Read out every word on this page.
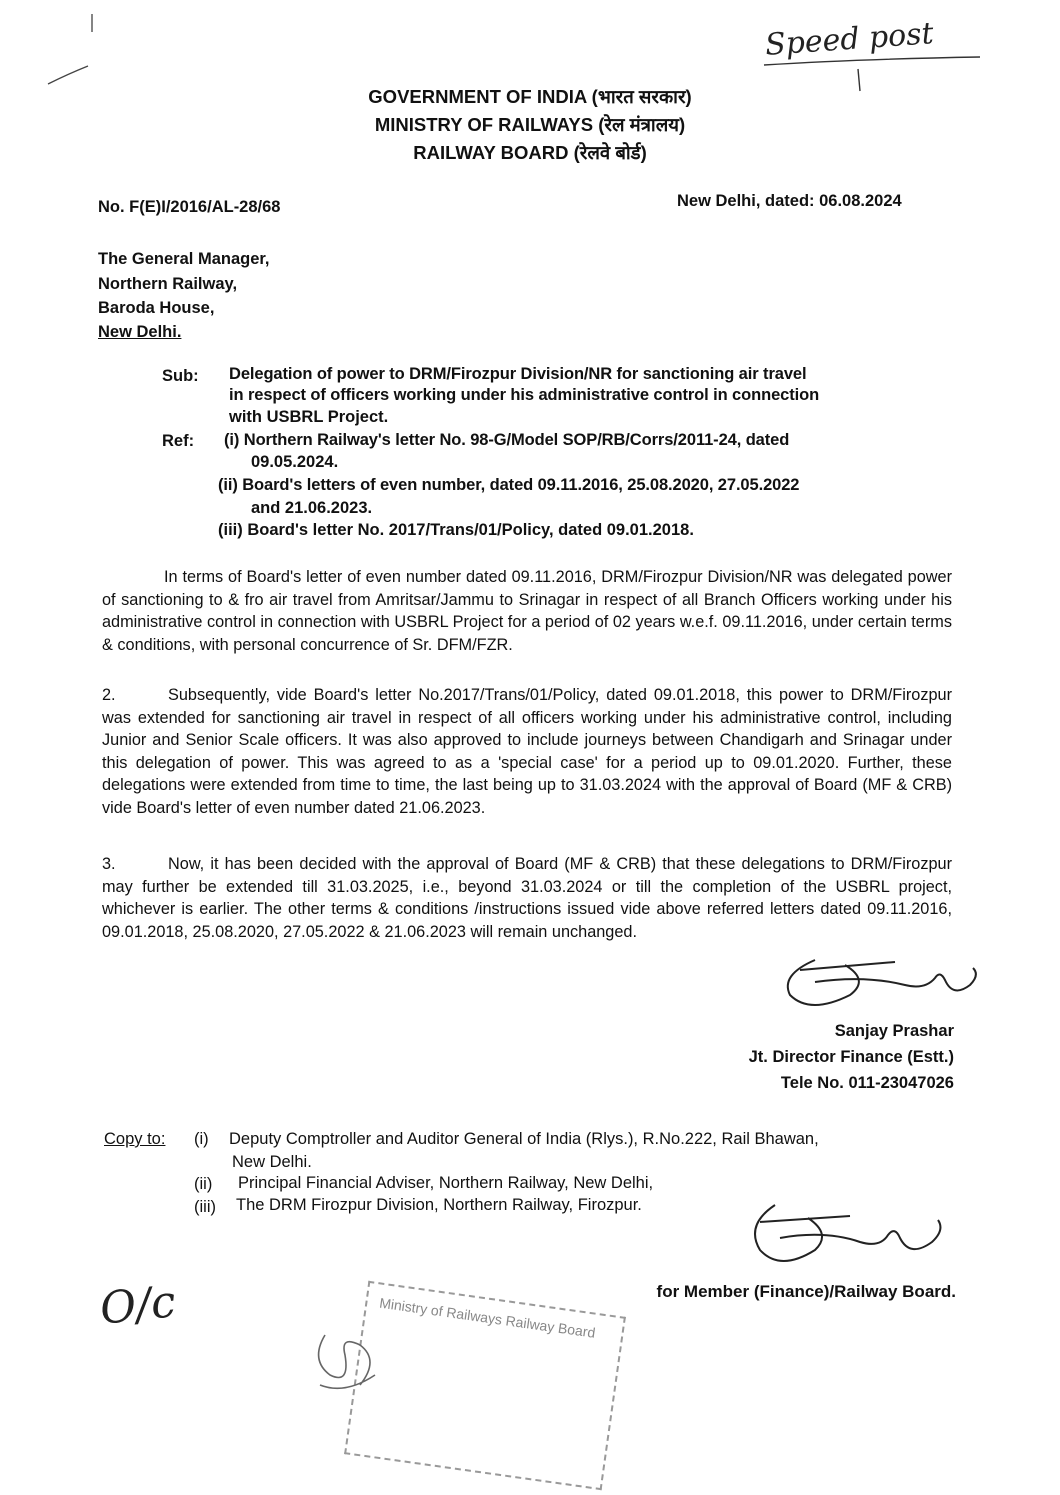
Speed post
GOVERNMENT OF INDIA (भारत सरकार)
MINISTRY OF RAILWAYS (रेल मंत्रालय)
RAILWAY BOARD (रेलवे बोर्ड)
No. F(E)I/2016/AL-28/68	New Delhi, dated: 06.08.2024
The General Manager,
Northern Railway,
Baroda House,
New Delhi.
Sub: Delegation of power to DRM/Firozpur Division/NR for sanctioning air travel
in respect of officers working under his administrative control in connection
with USBRL Project.
Ref: (i) Northern Railway's letter No. 98-G/Model SOP/RB/Corrs/2011-24, dated
09.05.2024.
(ii) Board's letters of even number, dated 09.11.2016, 25.08.2020, 27.05.2022
and 21.06.2023.
(iii) Board's letter No. 2017/Trans/01/Policy, dated 09.01.2018.
In terms of Board's letter of even number dated 09.11.2016, DRM/Firozpur Division/NR was delegated power of sanctioning to & fro air travel from Amritsar/Jammu to Srinagar in respect of all Branch Officers working under his administrative control in connection with USBRL Project for a period of 02 years w.e.f. 09.11.2016, under certain terms & conditions, with personal concurrence of Sr. DFM/FZR.
2.	Subsequently, vide Board's letter No.2017/Trans/01/Policy, dated 09.01.2018, this power to DRM/Firozpur was extended for sanctioning air travel in respect of all officers working under his administrative control, including Junior and Senior Scale officers. It was also approved to include journeys between Chandigarh and Srinagar under this delegation of power. This was agreed to as a 'special case' for a period up to 09.01.2020. Further, these delegations were extended from time to time, the last being up to 31.03.2024 with the approval of Board (MF & CRB) vide Board's letter of even number dated 21.06.2023.
3.	Now, it has been decided with the approval of Board (MF & CRB) that these delegations to DRM/Firozpur may further be extended till 31.03.2025, i.e., beyond 31.03.2024 or till the completion of the USBRL project, whichever is earlier. The other terms & conditions /instructions issued vide above referred letters dated 09.11.2016, 09.01.2018, 25.08.2020, 27.05.2022 & 21.06.2023 will remain unchanged.
Sanjay Prashar
Jt. Director Finance (Estt.)
Tele No. 011-23047026
Copy to: (i) Deputy Comptroller and Auditor General of India (Rlys.), R.No.222, Rail Bhawan,
New Delhi.
(ii) Principal Financial Adviser, Northern Railway, New Delhi,
(iii) The DRM Firozpur Division, Northern Railway, Firozpur.
for Member (Finance)/Railway Board.
O/c	Ministry of Railways Railway Board
